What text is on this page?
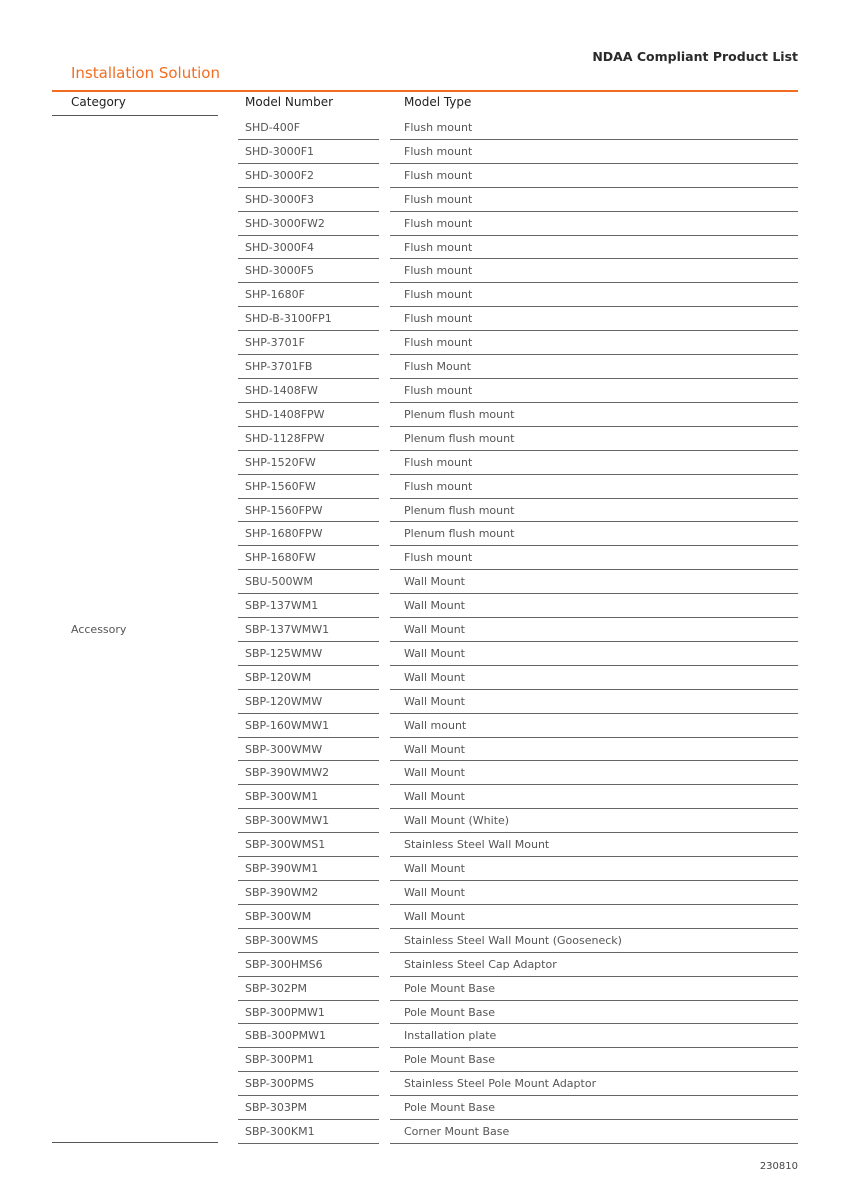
NDAA Compliant Product List
Installation Solution
Category	Model Number	Model Type
Accessory
SHD-400F	Flush mount
SHD-3000F1	Flush mount
SHD-3000F2	Flush mount
SHD-3000F3	Flush mount
SHD-3000FW2	Flush mount
SHD-3000F4	Flush mount
SHD-3000F5	Flush mount
SHP-1680F	Flush mount
SHD-B-3100FP1	Flush mount
SHP-3701F	Flush mount
SHP-3701FB	Flush Mount
SHD-1408FW	Flush mount
SHD-1408FPW	Plenum flush mount
SHD-1128FPW	Plenum flush mount
SHP-1520FW	Flush mount
SHP-1560FW	Flush mount
SHP-1560FPW	Plenum flush mount
SHP-1680FPW	Plenum flush mount
SHP-1680FW	Flush mount
SBU-500WM	Wall Mount
SBP-137WM1	Wall Mount
SBP-137WMW1	Wall Mount
SBP-125WMW	Wall Mount
SBP-120WM	Wall Mount
SBP-120WMW	Wall Mount
SBP-160WMW1	Wall mount
SBP-300WMW	Wall Mount
SBP-390WMW2	Wall Mount
SBP-300WM1	Wall Mount
SBP-300WMW1	Wall Mount (White)
SBP-300WMS1	Stainless Steel Wall Mount
SBP-390WM1	Wall Mount
SBP-390WM2	Wall Mount
SBP-300WM	Wall Mount
SBP-300WMS	Stainless Steel Wall Mount (Gooseneck)
SBP-300HMS6	Stainless Steel Cap Adaptor
SBP-302PM	Pole Mount Base
SBP-300PMW1	Pole Mount Base
SBB-300PMW1	Installation plate
SBP-300PM1	Pole Mount Base
SBP-300PMS	Stainless Steel Pole Mount Adaptor
SBP-303PM	Pole Mount Base
SBP-300KM1	Corner Mount Base
230810
